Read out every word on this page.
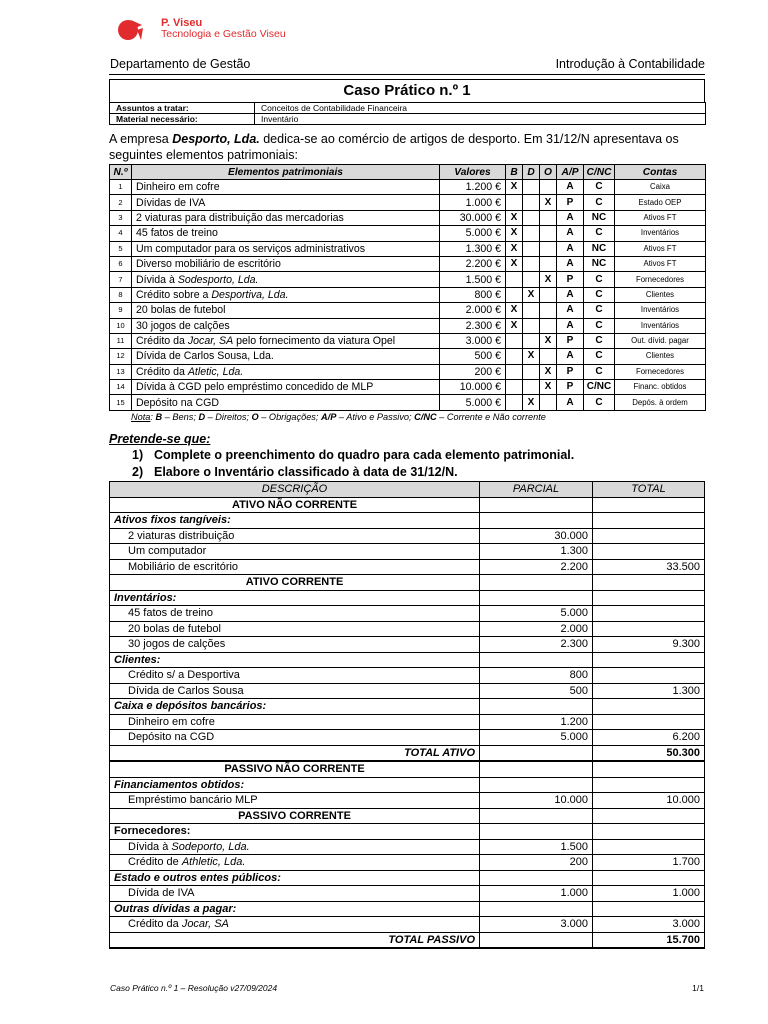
P. Viseu
Tecnologia e Gestão Viseu
Departamento de Gestão	Introdução à Contabilidade
Caso Prático n.º 1
Assuntos a tratar:	Conceitos de Contabilidade Financeira
Material necessário:	Inventário
A empresa Desporto, Lda. dedica-se ao comércio de artigos de desporto. Em 31/12/N apresentava os seguintes elementos patrimoniais:
N.º	Elementos patrimoniais	Valores	B	D	O	A/P	C/NC	Contas
1	Dinheiro em cofre	1.200 €	X			A	C	Caixa
2	Dívidas de IVA	1.000 €			X	P	C	Estado OEP
3	2 viaturas para distribuição das mercadorias	30.000 €	X			A	NC	Ativos FT
4	45 fatos de treino	5.000 €	X			A	C	Inventários
5	Um computador para os serviços administrativos	1.300 €	X			A	NC	Ativos FT
6	Diverso mobiliário de escritório	2.200 €	X			A	NC	Ativos FT
7	Dívida à Sodesporto, Lda.	1.500 €			X	P	C	Fornecedores
8	Crédito sobre a Desportiva, Lda.	800 €		X		A	C	Clientes
9	20 bolas de futebol	2.000 €	X			A	C	Inventários
10	30 jogos de calções	2.300 €	X			A	C	Inventários
11	Crédito da Jocar, SA pelo fornecimento da viatura Opel	3.000 €			X	P	C	Out. dívid. pagar
12	Dívida de Carlos Sousa, Lda.	500 €		X		A	C	Clientes
13	Crédito da Atletic, Lda.	200 €			X	P	C	Fornecedores
14	Dívida à CGD pelo empréstimo concedido de MLP	10.000 €			X	P	C/NC	Financ. obtidos
15	Depósito na CGD	5.000 €		X		A	C	Depós. à ordem
Nota: B – Bens; D – Direitos; O – Obrigações; A/P – Ativo e Passivo; C/NC – Corrente e Não corrente
Pretende-se que:
1) Complete o preenchimento do quadro para cada elemento patrimonial.
2) Elabore o Inventário classificado à data de 31/12/N.
DESCRIÇÃO	PARCIAL	TOTAL
ATIVO NÃO CORRENTE		
Ativos fixos tangíveis:		
2 viaturas distribuição	30.000	
Um computador	1.300	
Mobiliário de escritório	2.200	33.500
ATIVO CORRENTE		
Inventários:		
45 fatos de treino	5.000	
20 bolas de futebol	2.000	
30 jogos de calções	2.300	9.300
Clientes:		
Crédito s/ a Desportiva	800	
Dívida de Carlos Sousa	500	1.300
Caixa e depósitos bancários:		
Dinheiro em cofre	1.200	
Depósito na CGD	5.000	6.200
TOTAL ATIVO		50.300
PASSIVO NÃO CORRENTE		
Financiamentos obtidos:		
Empréstimo bancário MLP	10.000	10.000
PASSIVO CORRENTE		
Fornecedores:		
Dívida à Sodeporto, Lda.	1.500	
Crédito de Athletic, Lda.	200	1.700
Estado e outros entes públicos:		
Dívida de IVA	1.000	1.000
Outras dívidas a pagar:		
Crédito da Jocar, SA	3.000	3.000
TOTAL PASSIVO		15.700
Caso Prático n.º 1 – Resolução v27/09/2024	1/1
